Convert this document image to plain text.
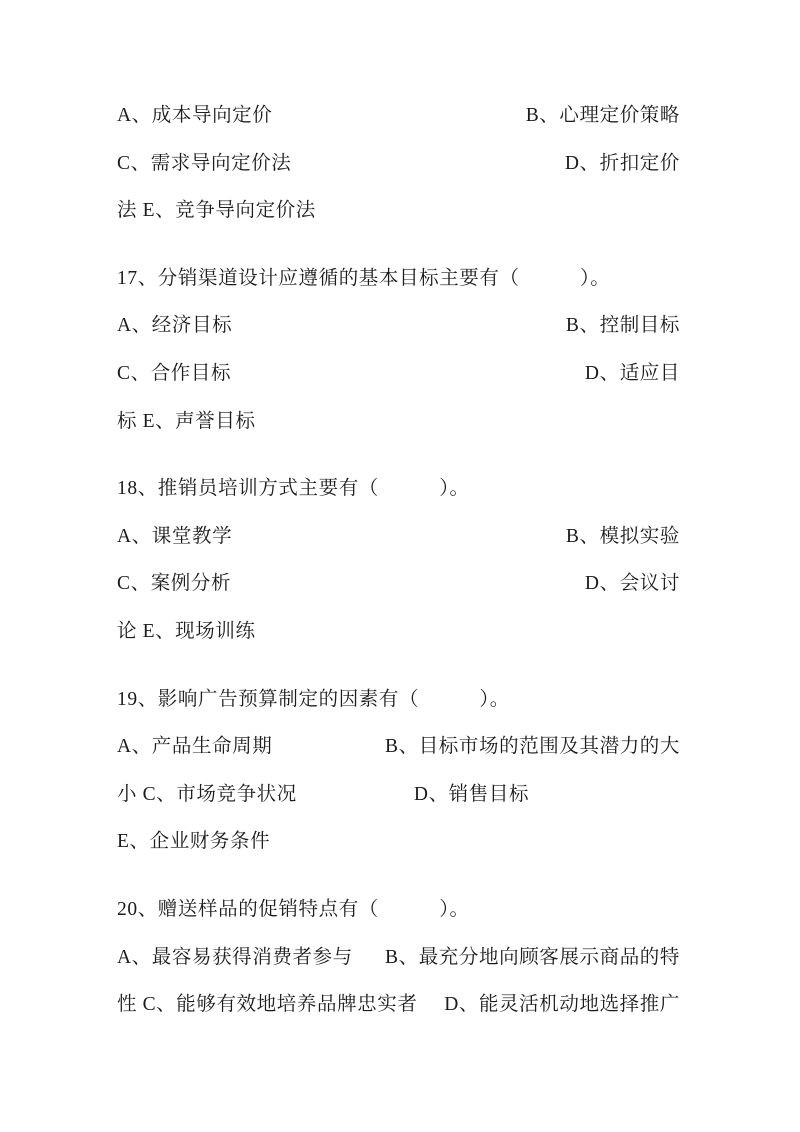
A、成本导向定价	B、心理定价策略
C、需求导向定价法	D、折扣定价
法 E、竞争导向定价法
17、分销渠道设计应遵循的基本目标主要有（　　　）。
A、经济目标	B、控制目标
C、合作目标	D、适应目
标 E、声誉目标
18、推销员培训方式主要有（　　　）。
A、课堂教学	B、模拟实验
C、案例分析	D、会议讨
论 E、现场训练
19、影响广告预算制定的因素有（　　　）。
A、产品生命周期	B、目标市场的范围及其潜力的大
小 C、市场竞争状况	D、销售目标
E、企业财务条件
20、赠送样品的促销特点有（　　　）。
A、最容易获得消费者参与 B、最充分地向顾客展示商品的特
性 C、能够有效地培养品牌忠实者 D、能灵活机动地选择推广
